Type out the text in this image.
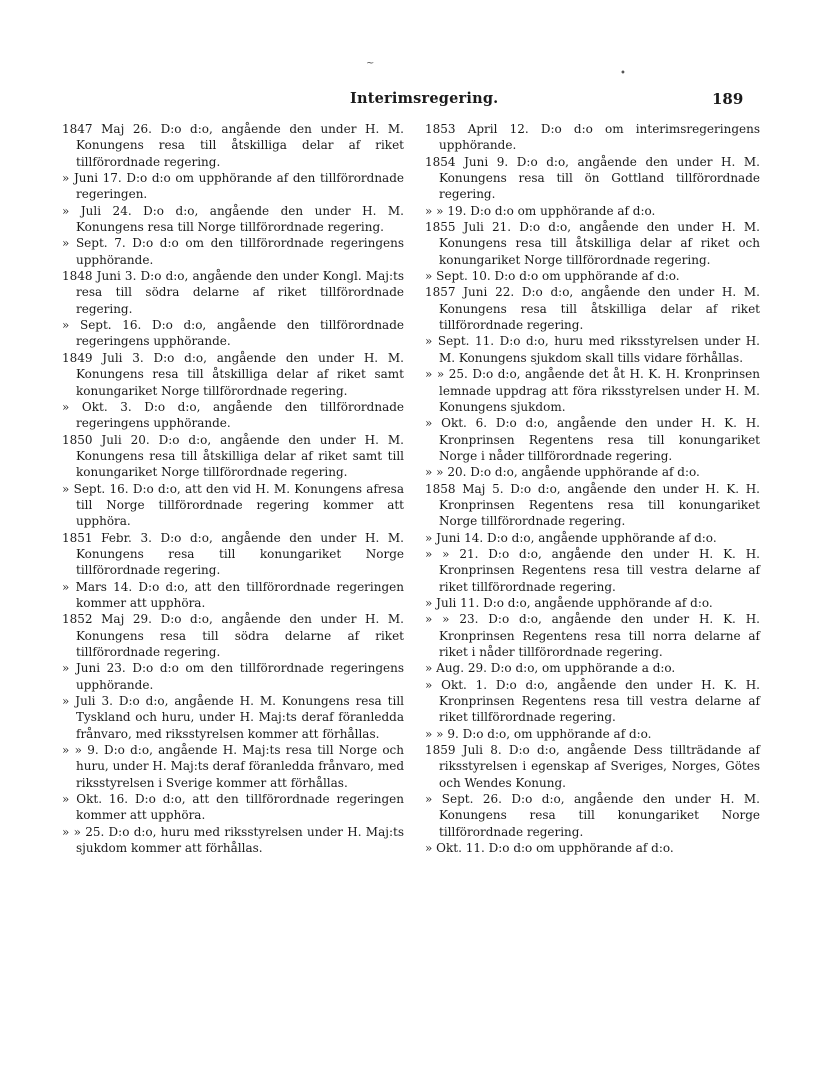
~
•
Interimsregering.	189

1847 Maj 26. D:o d:o, angående den under H. M. Konungens resa till åtskilliga delar af riket tillförordnade regering.

» Juni 17. D:o d:o om upphörande af den tillförordnade regeringen.

» Juli 24. D:o d:o, angående den under H. M. Konungens resa till Norge tillförordnade regering.

» Sept. 7. D:o d:o om den tillförordnade regeringens upphörande.

1848 Juni 3. D:o d:o, angående den under Kongl. Maj:ts resa till södra delarne af riket tillförordnade regering.

» Sept. 16. D:o d:o, angående den tillförordnade regeringens upphörande.

1849 Juli 3. D:o d:o, angående den under H. M. Konungens resa till åtskilliga delar af riket samt konungariket Norge tillförordnade regering.

» Okt. 3. D:o d:o, angående den tillförordnade regeringens upphörande.

1850 Juli 20. D:o d:o, angående den under H. M. Konungens resa till åtskilliga delar af riket samt till konungariket Norge tillförordnade regering.

» Sept. 16. D:o d:o, att den vid H. M. Konungens afresa till Norge tillförordnade regering kommer att upphöra.

1851 Febr. 3. D:o d:o, angående den under H. M. Konungens resa till konungariket Norge tillförordnade regering.

» Mars 14. D:o d:o, att den tillförordnade regeringen kommer att upphöra.

1852 Maj 29. D:o d:o, angående den under H. M. Konungens resa till södra delarne af riket tillförordnade regering.

» Juni 23. D:o d:o om den tillförordnade regeringens upphörande.

» Juli 3. D:o d:o, angående H. M. Konungens resa till Tyskland och huru, under H. Maj:ts deraf föranledda frånvaro, med riksstyrelsen kommer att förhållas.

» » 9. D:o d:o, angående H. Maj:ts resa till Norge och huru, under H. Maj:ts deraf föranledda frånvaro, med riksstyrelsen i Sverige kommer att förhållas.

» Okt. 16. D:o d:o, att den tillförordnade regeringen kommer att upphöra.

» » 25. D:o d:o, huru med riksstyrelsen under H. Maj:ts sjukdom kommer att förhållas.

1853 April 12. D:o d:o om interimsregeringens upphörande.

1854 Juni 9. D:o d:o, angående den under H. M. Konungens resa till ön Gottland tillförordnade regering.

» » 19. D:o d:o om upphörande af d:o.

1855 Juli 21. D:o d:o, angående den under H. M. Konungens resa till åtskilliga delar af riket och konungariket Norge tillförordnade regering.

» Sept. 10. D:o d:o om upphörande af d:o.

1857 Juni 22. D:o d:o, angående den under H. M. Konungens resa till åtskilliga delar af riket tillförordnade regering.

» Sept. 11. D:o d:o, huru med riksstyrelsen under H. M. Konungens sjukdom skall tills vidare förhållas.

» » 25. D:o d:o, angående det åt H. K. H. Kronprinsen lemnade uppdrag att föra riksstyrelsen under H. M. Konungens sjukdom.

» Okt. 6. D:o d:o, angående den under H. K. H. Kronprinsen Regentens resa till konungariket Norge i nåder tillförordnade regering.

» » 20. D:o d:o, angående upphörande af d:o.

1858 Maj 5. D:o d:o, angående den under H. K. H. Kronprinsen Regentens resa till konungariket Norge tillförordnade regering.

» Juni 14. D:o d:o, angående upphörande af d:o.

» » 21. D:o d:o, angående den under H. K. H. Kronprinsen Regentens resa till vestra delarne af riket tillförordnade regering.

» Juli 11. D:o d:o, angående upphörande af d:o.

» » 23. D:o d:o, angående den under H. K. H. Kronprinsen Regentens resa till norra delarne af riket i nåder tillförordnade regering.

» Aug. 29. D:o d:o, om upphörande a d:o.

» Okt. 1. D:o d:o, angående den under H. K. H. Kronprinsen Regentens resa till vestra delarne af riket tillförordnade regering.

» » 9. D:o d:o, om upphörande af d:o.

1859 Juli 8. D:o d:o, angående Dess tillträdande af riksstyrelsen i egenskap af Sveriges, Norges, Götes och Wendes Konung.

» Sept. 26. D:o d:o, angående den under H. M. Konungens resa till konungariket Norge tillförordnade regering.

» Okt. 11. D:o d:o om upphörande af d:o.
